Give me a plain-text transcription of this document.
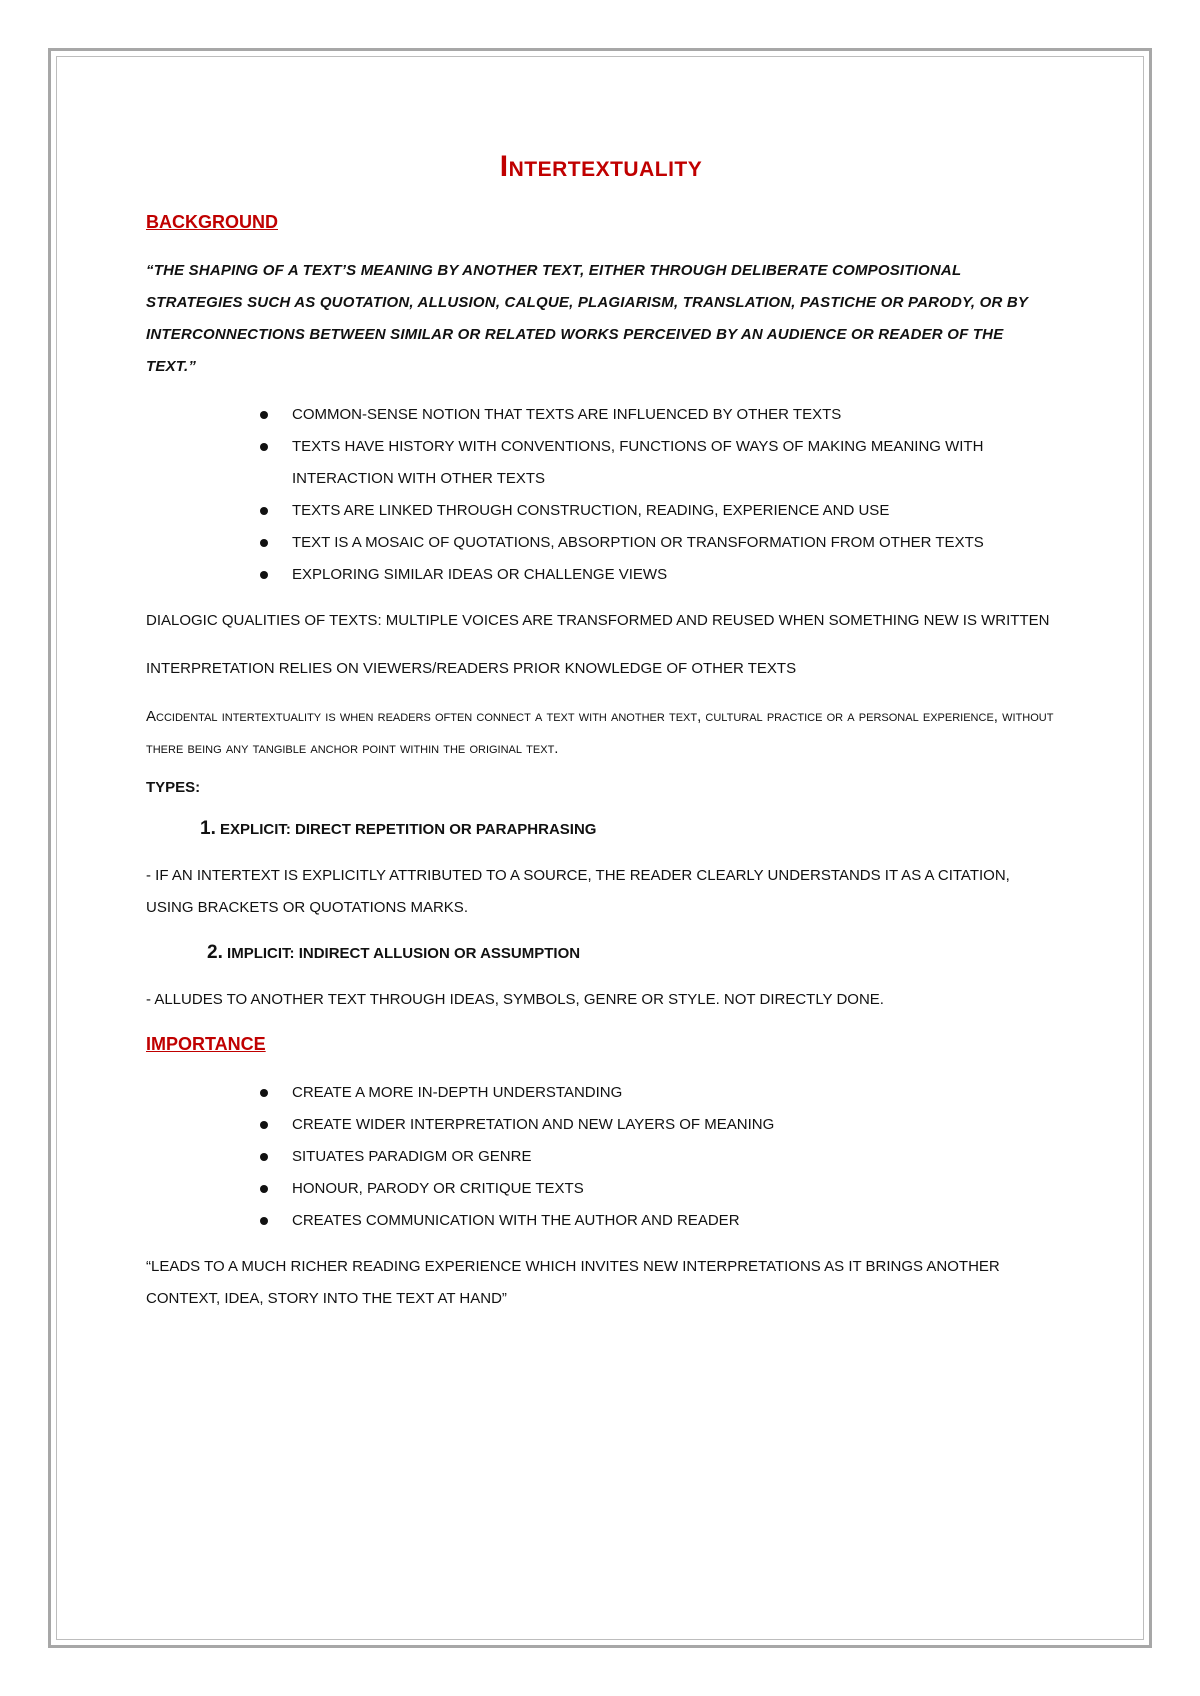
Intertextuality
BACKGROUND
“THE SHAPING OF A TEXT’S MEANING BY ANOTHER TEXT, EITHER THROUGH DELIBERATE COMPOSITIONAL STRATEGIES SUCH AS QUOTATION, ALLUSION, CALQUE, PLAGIARISM, TRANSLATION, PASTICHE OR PARODY, OR BY INTERCONNECTIONS BETWEEN SIMILAR OR RELATED WORKS PERCEIVED BY AN AUDIENCE OR READER OF THE TEXT.”
COMMON-SENSE NOTION THAT TEXTS ARE INFLUENCED BY OTHER TEXTS
TEXTS HAVE HISTORY WITH CONVENTIONS, FUNCTIONS OF WAYS OF MAKING MEANING WITH INTERACTION WITH OTHER TEXTS
TEXTS ARE LINKED THROUGH CONSTRUCTION, READING, EXPERIENCE AND USE
TEXT IS A MOSAIC OF QUOTATIONS, ABSORPTION OR TRANSFORMATION FROM OTHER TEXTS
EXPLORING SIMILAR IDEAS OR CHALLENGE VIEWS
DIALOGIC QUALITIES OF TEXTS: MULTIPLE VOICES ARE TRANSFORMED AND REUSED WHEN SOMETHING NEW IS WRITTEN
INTERPRETATION RELIES ON VIEWERS/READERS PRIOR KNOWLEDGE OF OTHER TEXTS
Accidental intertextuality is when readers often connect a text with another text, cultural practice or a personal experience, without there being any tangible anchor point within the original text.
TYPES:
1. EXPLICIT: DIRECT REPETITION OR PARAPHRASING
- IF AN INTERTEXT IS EXPLICITLY ATTRIBUTED TO A SOURCE, THE READER CLEARLY UNDERSTANDS IT AS A CITATION, USING BRACKETS OR QUOTATIONS MARKS.
2. IMPLICIT: INDIRECT ALLUSION OR ASSUMPTION
- ALLUDES TO ANOTHER TEXT THROUGH IDEAS, SYMBOLS, GENRE OR STYLE. NOT DIRECTLY DONE.
IMPORTANCE
CREATE A MORE IN-DEPTH UNDERSTANDING
CREATE WIDER INTERPRETATION AND NEW LAYERS OF MEANING
SITUATES PARADIGM OR GENRE
HONOUR, PARODY OR CRITIQUE TEXTS
CREATES COMMUNICATION WITH THE AUTHOR AND READER
“LEADS TO A MUCH RICHER READING EXPERIENCE WHICH INVITES NEW INTERPRETATIONS AS IT BRINGS ANOTHER CONTEXT, IDEA, STORY INTO THE TEXT AT HAND”
